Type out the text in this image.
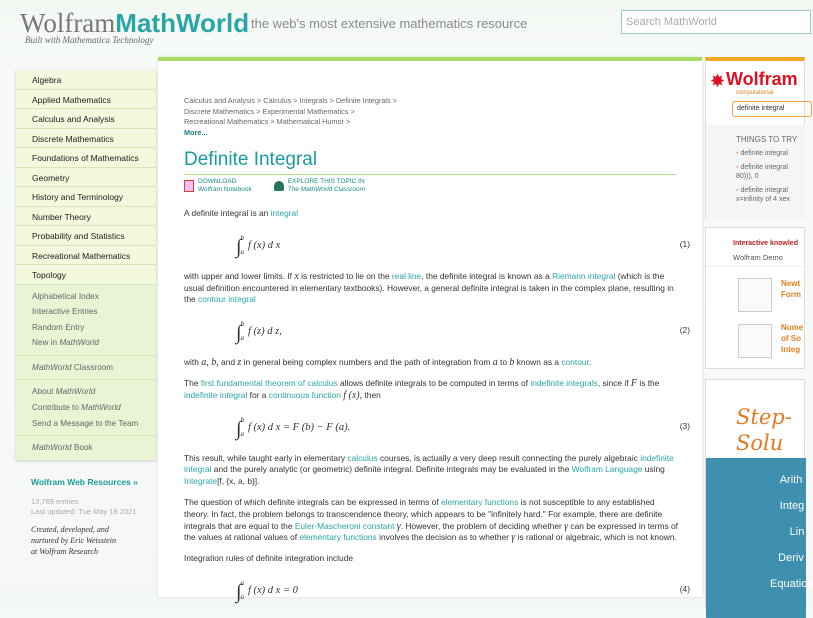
WolframMathWorld
Built with Mathematica Technology
the web's most extensive mathematics resource	Search MathWorld
Algebra
Applied Mathematics
Calculus and Analysis
Discrete Mathematics
Foundations of Mathematics
Geometry
History and Terminology
Number Theory
Probability and Statistics
Recreational Mathematics
Topology
Alphabetical Index
Interactive Entries
Random Entry
New in MathWorld
MathWorld Classroom
About MathWorld
Contribute to MathWorld
Send a Message to the Team
MathWorld Book
Wolfram Web Resources »
13,769 entries
Last updated: Tue May 18 2021
Created, developed, and
nurtured by Eric Weisstein
at Wolfram Research
Calculus and Analysis > Calculus > Integrals > Definite Integrals >
Discrete Mathematics > Experimental Mathematics >
Recreational Mathematics > Mathematical Humor >
More...
Definite Integral
DOWNLOAD
Wolfram Notebook
EXPLORE THIS TOPIC IN
The MathWorld Classroom

A definite integral is an integral

∫ b
a
f (x) d x	(1)

with upper and lower limits. If x is restricted to lie on the real line, the definite integral is known as a Riemann integral (which is the usual definition encountered in elementary textbooks). However, a general definite integral is taken in the complex plane, resulting in the contour integral

∫ b
a
f (z) d z,	(2)

with a, b, and z in general being complex numbers and the path of integration from a to b known as a contour.

The first fundamental theorem of calculus allows definite integrals to be computed in terms of indefinite integrals, since if F is the indefinite integral for a continuous function f (x), then

∫ b
a
f (x) d x = F (b) − F (a).	(3)

This result, while taught early in elementary calculus courses, is actually a very deep result connecting the purely algebraic indefinite integral and the purely analytic (or geometric) definite integral. Definite integrals may be evaluated in the Wolfram Language using Integrate[f, {x, a, b}].

The question of which definite integrals can be expressed in terms of elementary functions is not susceptible to any established theory. In fact, the problem belongs to transcendence theory, which appears to be "infinitely hard." For example, there are definite integrals that are equal to the Euler-Mascheroni constant γ. However, the problem of deciding whether γ can be expressed in terms of the values at rational values of elementary functions involves the decision as to whether γ is rational or algebraic, which is not known.

Integration rules of definite integration include

∫ a
a
f (x) d x = 0	(4)
✸ Wolfram
computational
definite integral
THINGS TO TRY
▪ definite integral
▪ definite integral
80))), 0
▪ definite integral
x=infinity of 4 xex
Interactive knowled
Wolfram Demo
Newt
Form
Nume
of So
Integ
Step-
Solu
Arith
Integ
Lin
Deriv
Equation
